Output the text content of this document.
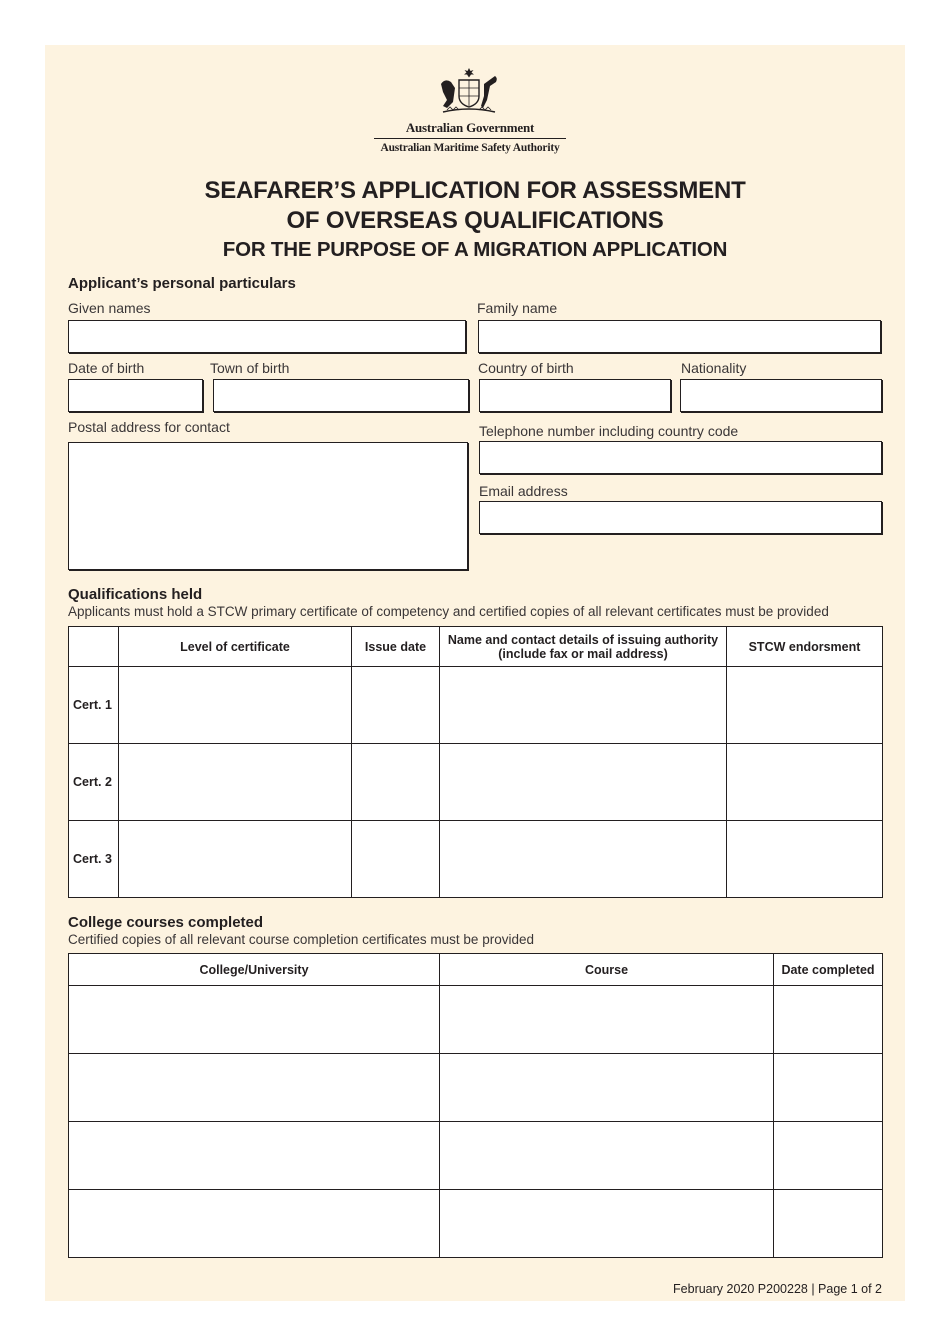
Australian Government
Australian Maritime Safety Authority
SEAFARER’S APPLICATION FOR ASSESSMENT
OF OVERSEAS QUALIFICATIONS
FOR THE PURPOSE OF A MIGRATION APPLICATION
Applicant’s personal particulars
Given names	Family name
Date of birth	Town of birth	Country of birth	Nationality
Postal address for contact	Telephone number including country code
Email address
Qualifications held
Applicants must hold a STCW primary certificate of competency and certified copies of all relevant certificates must be provided
	Level of certificate	Issue date	Name and contact details of issuing authority (include fax or mail address)	STCW endorsment
Cert. 1				
Cert. 2				
Cert. 3				
College courses completed
Certified copies of all relevant course completion certificates must be provided
College/University	Course	Date completed

February 2020 P200228 | Page 1 of 2
